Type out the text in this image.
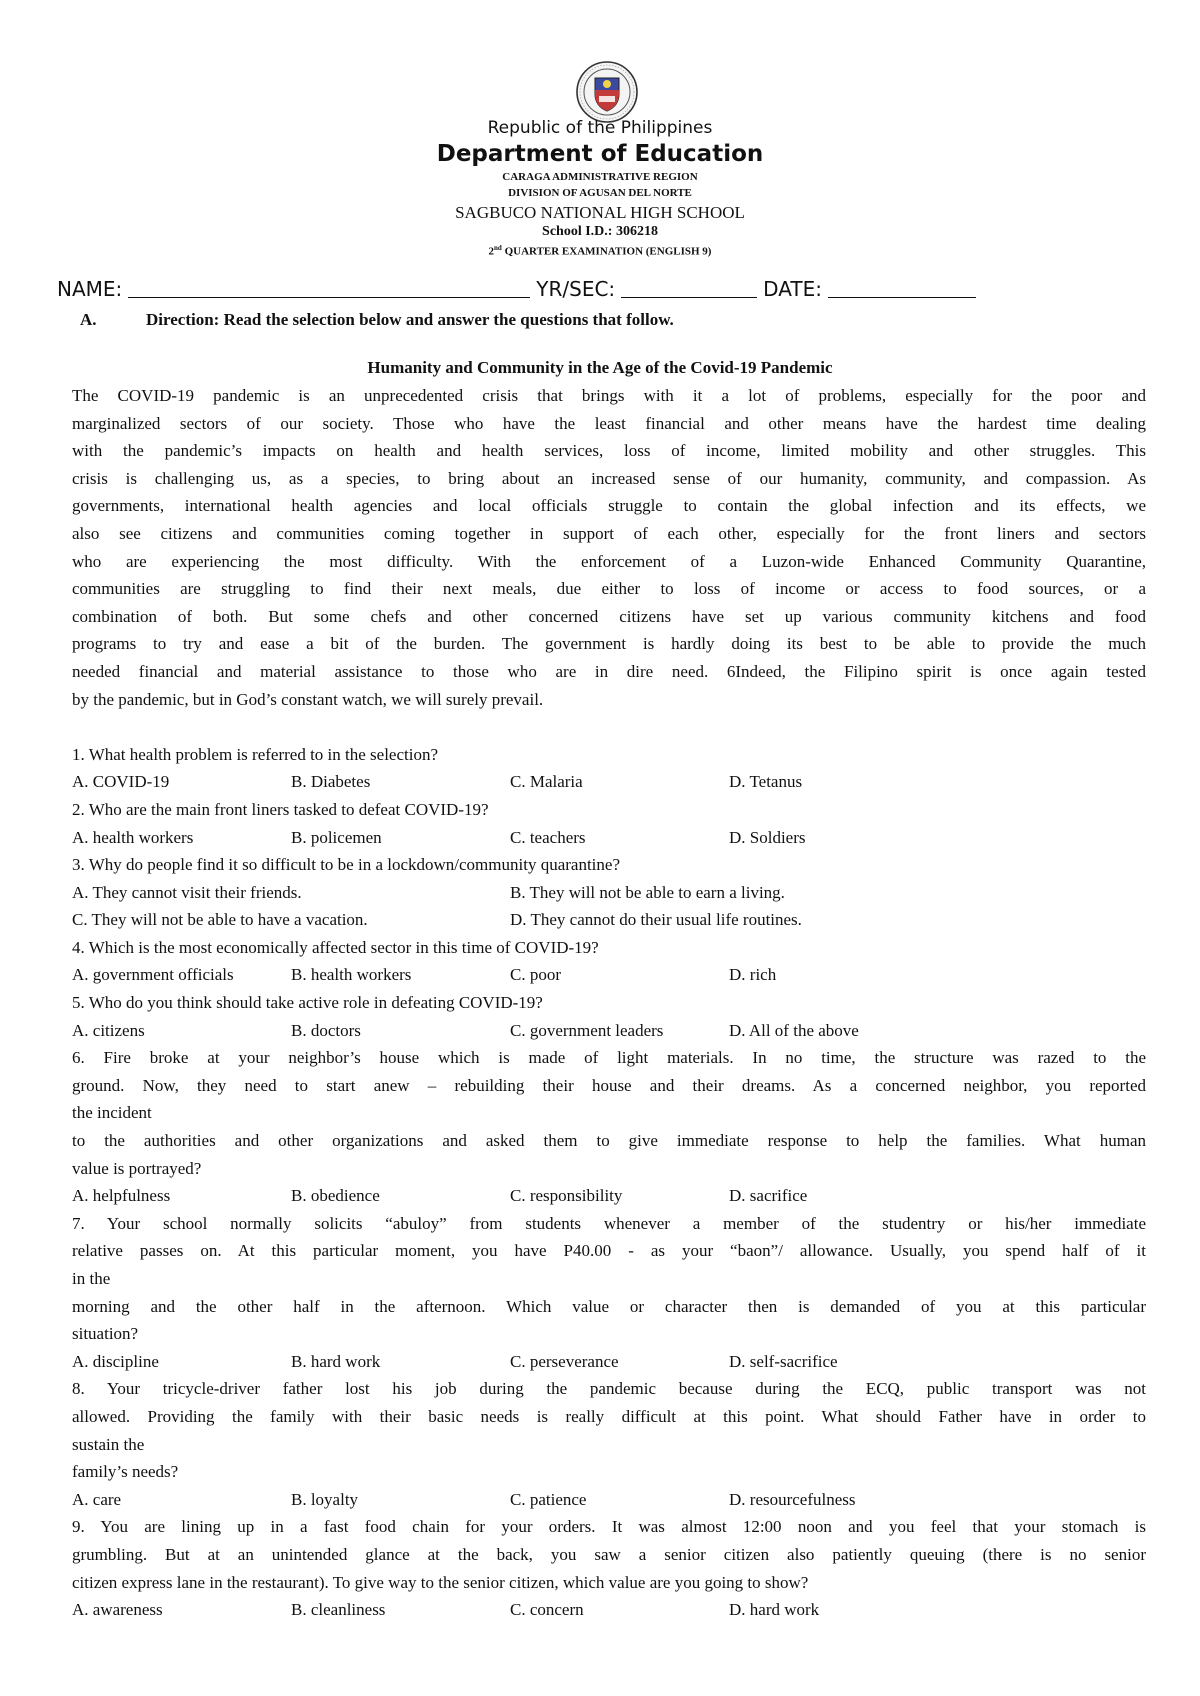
Republic of the Philippines
Department of Education
CARAGA ADMINISTRATIVE REGION
DIVISION OF AGUSAN DEL NORTE
SAGBUCO NATIONAL HIGH SCHOOL
School I.D.: 306218
2nd QUARTER EXAMINATION (ENGLISH 9)
NAME:	YR/SEC:	DATE:
A.	Direction: Read the selection below and answer the questions that follow.
Humanity and Community in the Age of the Covid-19 Pandemic
The COVID-19 pandemic is an unprecedented crisis that brings with it a lot of problems, especially for the poor and
marginalized sectors of our society. Those who have the least financial and other means have the hardest time dealing
with the pandemic’s impacts on health and health services, loss of income, limited mobility and other struggles. This
crisis is challenging us, as a species, to bring about an increased sense of our humanity, community, and compassion. As
governments, international health agencies and local officials struggle to contain the global infection and its effects, we
also see citizens and communities coming together in support of each other, especially for the front liners and sectors
who are experiencing the most difficulty. With the enforcement of a Luzon-wide Enhanced Community Quarantine,
communities are struggling to find their next meals, due either to loss of income or access to food sources, or a
combination of both. But some chefs and other concerned citizens have set up various community kitchens and food
programs to try and ease a bit of the burden. The government is hardly doing its best to be able to provide the much
needed financial and material assistance to those who are in dire need. 6Indeed, the Filipino spirit is once again tested
by the pandemic, but in God’s constant watch, we will surely prevail.
1. What health problem is referred to in the selection?
A. COVID-19	B. Diabetes	C. Malaria	D. Tetanus
2. Who are the main front liners tasked to defeat COVID-19?
A. health workers	B. policemen	C. teachers	D. Soldiers
3. Why do people find it so difficult to be in a lockdown/community quarantine?
A. They cannot visit their friends.	B. They will not be able to earn a living.
C. They will not be able to have a vacation.	D. They cannot do their usual life routines.
4. Which is the most economically affected sector in this time of COVID-19?
A. government officials	B. health workers	C. poor	D. rich
5. Who do you think should take active role in defeating COVID-19?
A. citizens	B. doctors	C. government leaders	D. All of the above
6. Fire broke at your neighbor’s house which is made of light materials. In no time, the structure was razed to the
ground. Now, they need to start anew – rebuilding their house and their dreams. As a concerned neighbor, you reported
the incident
to the authorities and other organizations and asked them to give immediate response to help the families. What human
value is portrayed?
A. helpfulness	B. obedience	C. responsibility	D. sacrifice
7. Your school normally solicits “abuloy” from students whenever a member of the studentry or his/her immediate
relative passes on. At this particular moment, you have P40.00 - as your “baon”/ allowance. Usually, you spend half of it
in the
morning and the other half in the afternoon. Which value or character then is demanded of you at this particular
situation?
A. discipline	B. hard work	C. perseverance	D. self-sacrifice
8. Your tricycle-driver father lost his job during the pandemic because during the ECQ, public transport was not
allowed. Providing the family with their basic needs is really difficult at this point. What should Father have in order to
sustain the
family’s needs?
A. care	B. loyalty	C. patience	D. resourcefulness
9. You are lining up in a fast food chain for your orders. It was almost 12:00 noon and you feel that your stomach is
grumbling. But at an unintended glance at the back, you saw a senior citizen also patiently queuing (there is no senior
citizen express lane in the restaurant). To give way to the senior citizen, which value are you going to show?
A. awareness	B. cleanliness	C. concern	D. hard work
